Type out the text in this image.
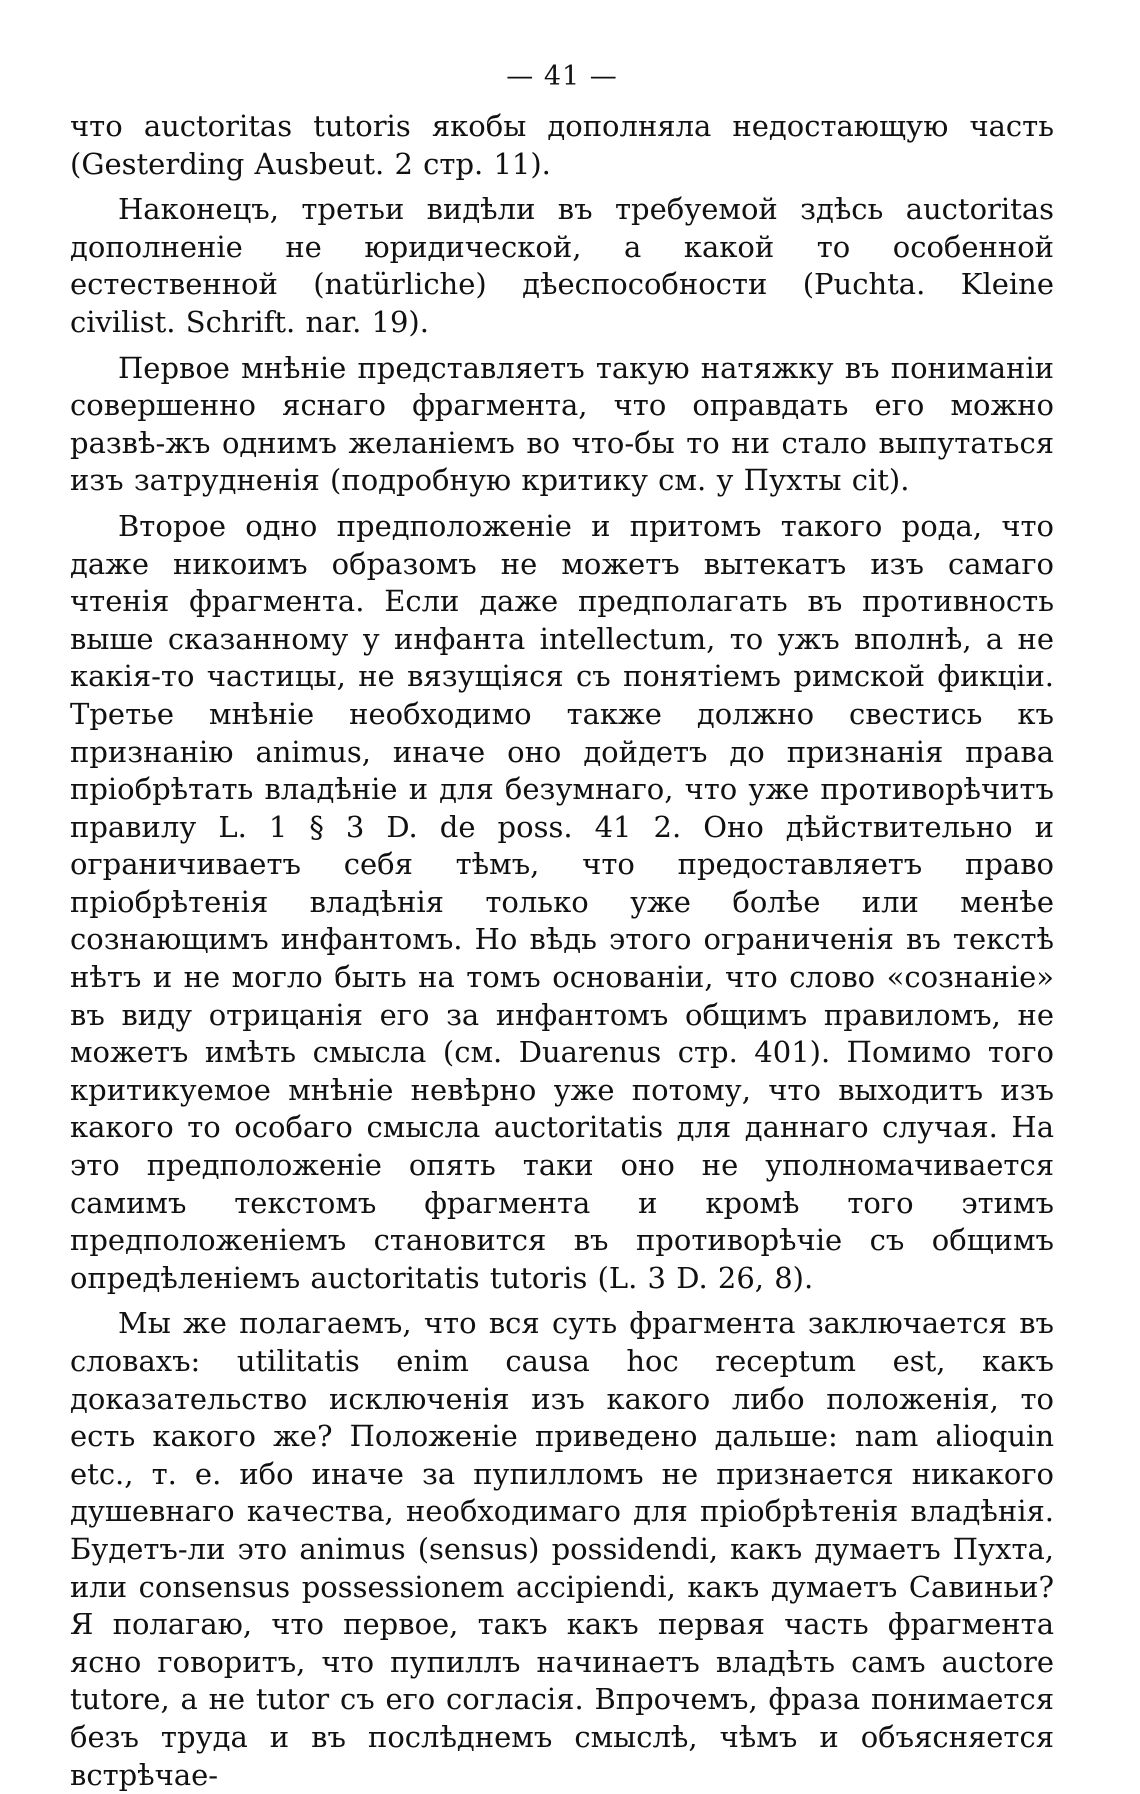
— 41 —

что auctoritas tutoris якобы дополняла недостающую часть (Gesterding Ausbeut. 2 стр. 11).

Наконецъ, третьи видѣли въ требуемой здѣсь auctoritas дополненіе не юридической, а какой то особенной естественной (natürliche) дѣеспособности (Puchta. Kleine civilist. Schrift. nar. 19).

Первое мнѣніе представляетъ такую натяжку въ пониманіи совершенно яснаго фрагмента, что оправдать его можно развѣ-жъ однимъ желаніемъ во что-бы то ни стало выпутаться изъ затрудненія (подробную критику см. у Пухты cit).

Второе одно предположеніе и притомъ такого рода, что даже никоимъ образомъ не можетъ вытекатъ изъ самаго чтенія фрагмента. Если даже предполагать въ противность выше сказанному у инфанта intellectum, то ужъ вполнѣ, а не какія-то частицы, не вязущіяся съ понятіемъ римской фикціи. Третье мнѣніе необходимо также должно свестись къ признанію animus, иначе оно дойдетъ до признанія права пріобрѣтать владѣніе и для безумнаго, что уже противорѣчитъ правилу L. 1 § 3 D. de poss. 41 2. Оно дѣйствительно и ограничиваетъ себя тѣмъ, что предоставляетъ право пріобрѣтенія владѣнія только уже болѣе или менѣе сознающимъ инфантомъ. Но вѣдь этого ограниченія въ текстѣ нѣтъ и не могло быть на томъ основаніи, что слово «сознаніе» въ виду отрицанія его за инфантомъ общимъ правиломъ, не можетъ имѣть смысла (см. Duarenus стр. 401). Помимо того критикуемое мнѣніе невѣрно уже потому, что выходитъ изъ какого то особаго смысла auctoritatis для даннаго случая. На это предположеніе опять таки оно не уполномачивается самимъ текстомъ фрагмента и кромѣ того этимъ предположеніемъ становится въ противорѣчіе съ общимъ опредѣленіемъ auctoritatis tutoris (L. 3 D. 26, 8).

Мы же полагаемъ, что вся суть фрагмента заключается въ словахъ: utilitatis enim causa hoc receptum est, какъ доказательство исключенія изъ какого либо положенія, то есть какого же? Положеніе приведено дальше: nam alioquin etc., т. е. ибо иначе за пупилломъ не признается никакого душевнаго качества, необходимаго для пріобрѣтенія владѣнія. Будетъ-ли это animus (sensus) possidendi, какъ думаетъ Пухта, или consensus possessionem accipiendi, какъ думаетъ Савиньи? Я полагаю, что первое, такъ какъ первая часть фрагмента ясно говоритъ, что пупиллъ начинаетъ владѣть самъ auctore tutore, а не tutor съ его согласія. Впрочемъ, фраза понимается безъ труда и въ послѣднемъ смыслѣ, чѣмъ и объясняется встрѣчае-
